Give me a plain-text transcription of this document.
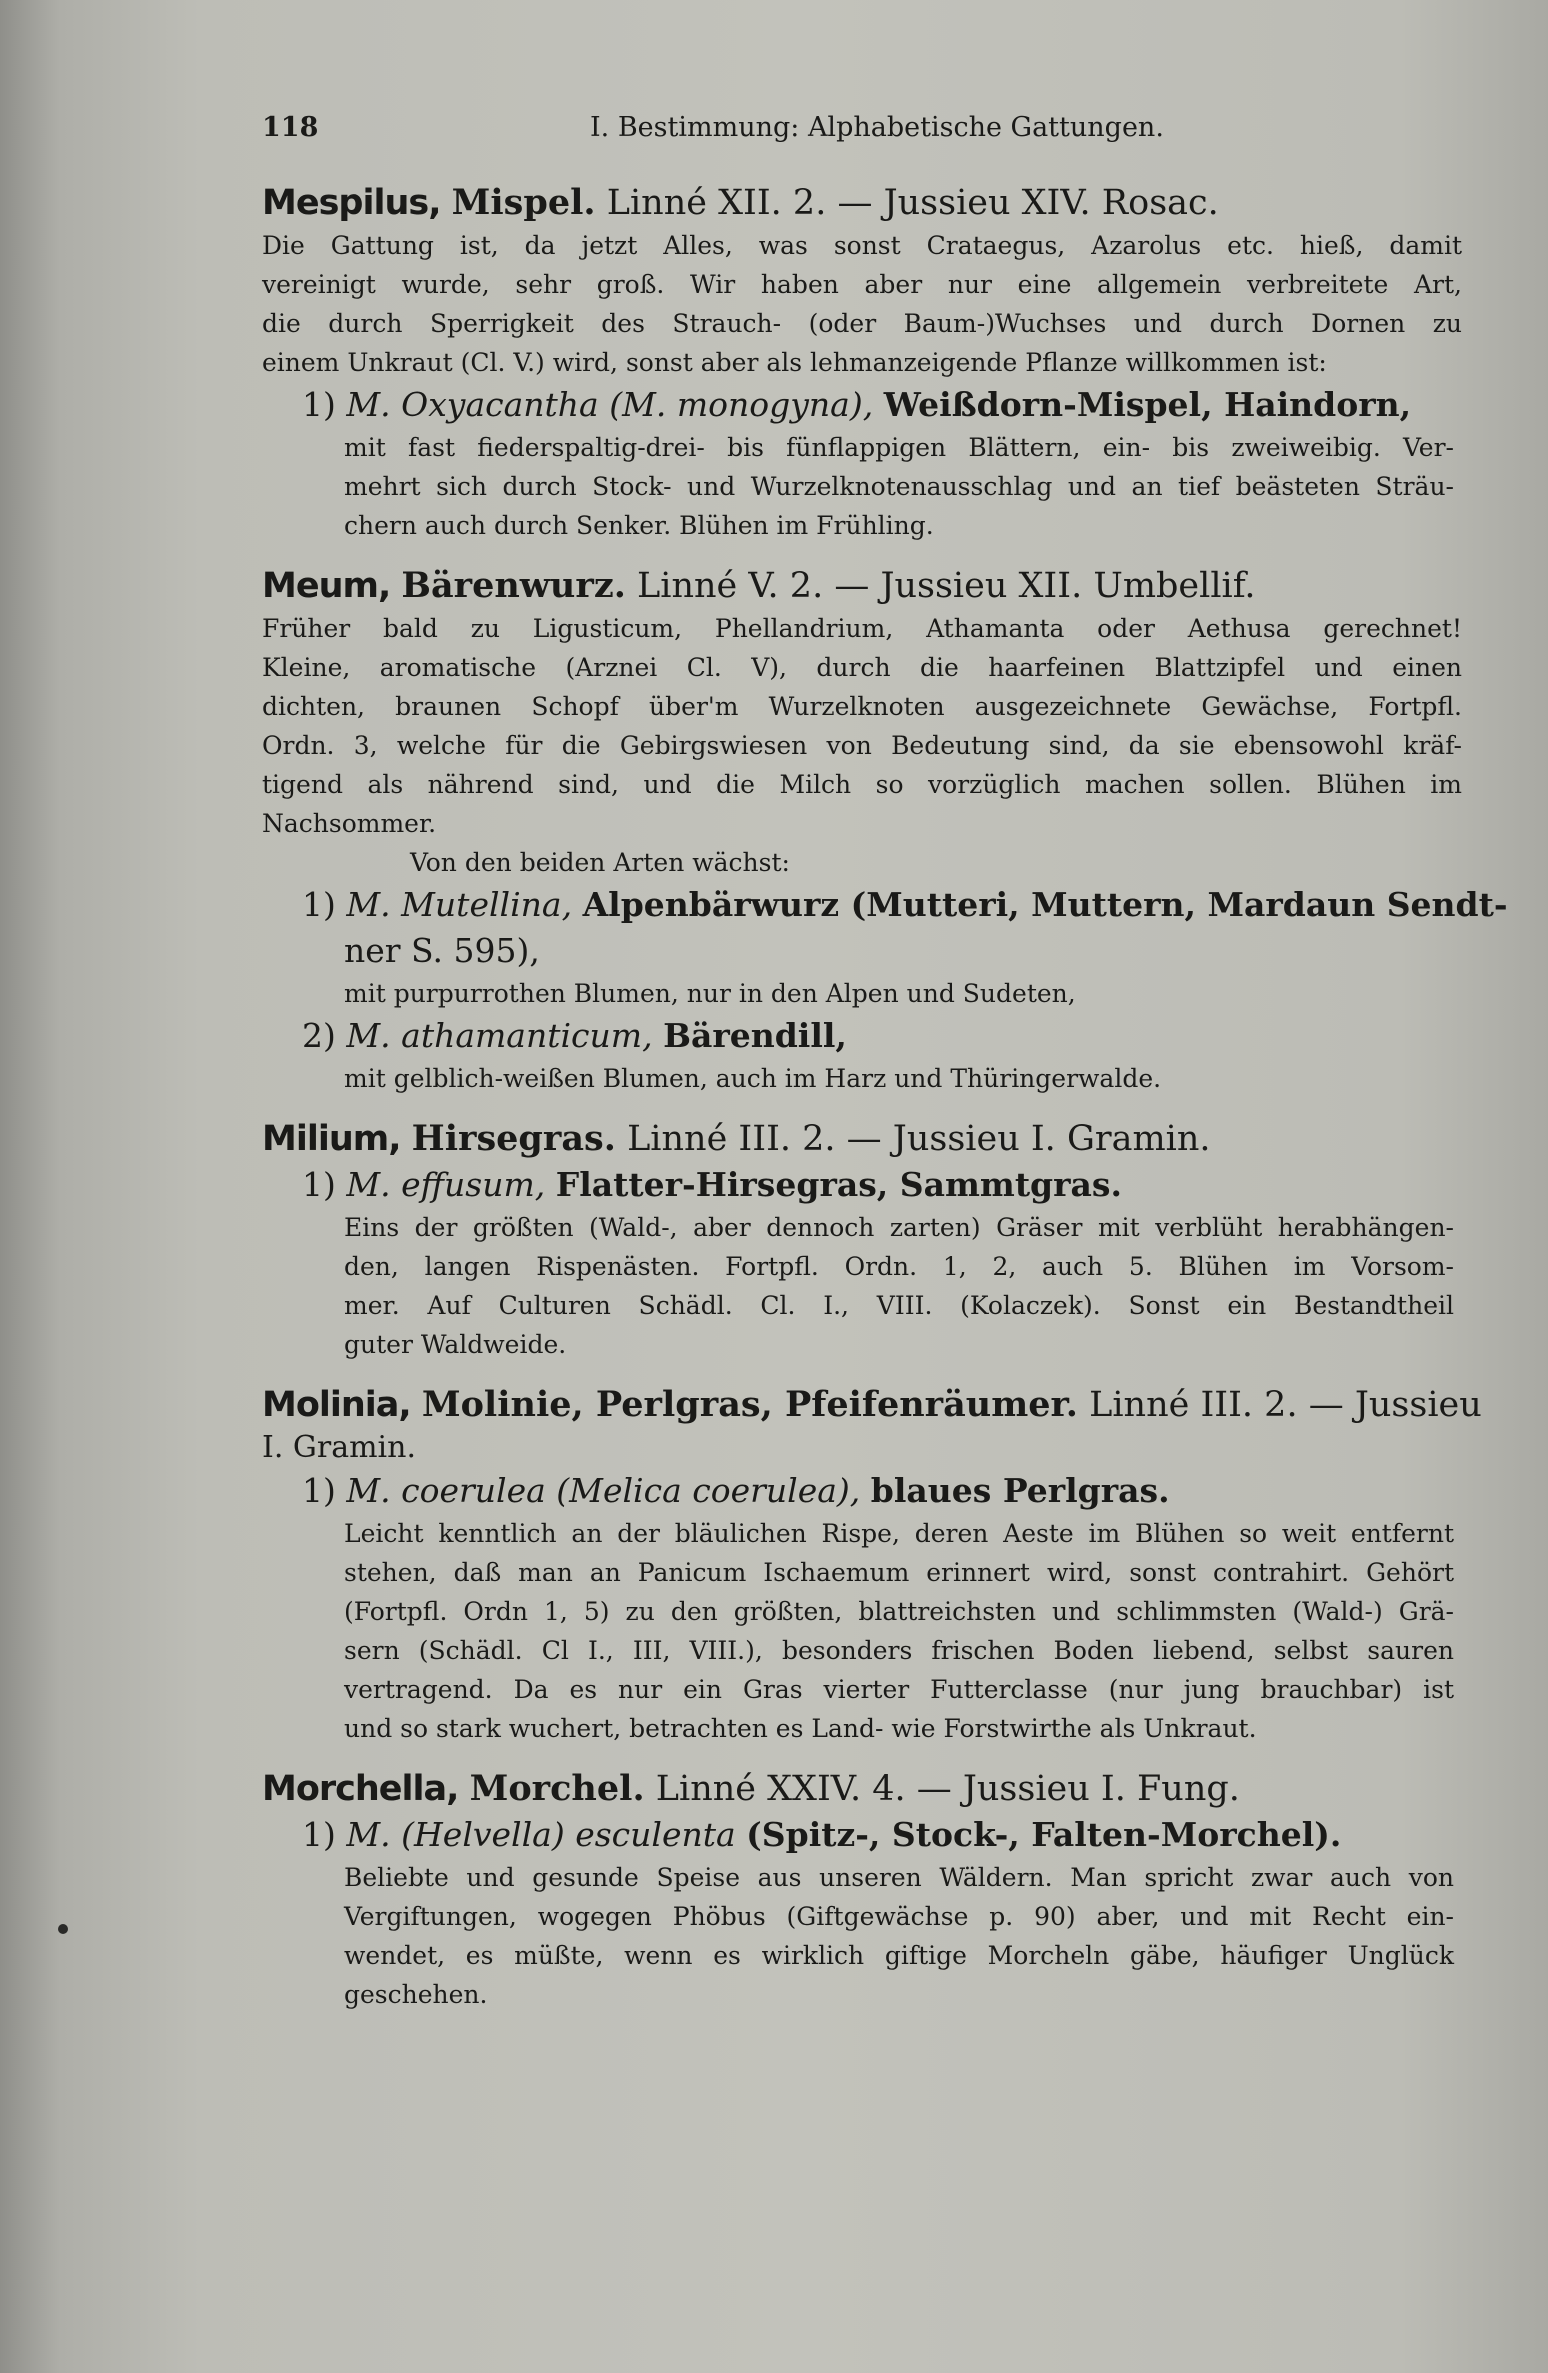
118	I. Bestimmung: Alphabetische Gattungen.
Mespilus, Mispel. Linné XII. 2. — Jussieu XIV. Rosac.
Die Gattung ist, da jetzt Alles, was sonst Crataegus, Azarolus etc. hieß, damit
vereinigt wurde, sehr groß. Wir haben aber nur eine allgemein verbreitete Art,
die durch Sperrigkeit des Strauch- (oder Baum-)Wuchses und durch Dornen zu
einem Unkraut (Cl. V.) wird, sonst aber als lehmanzeigende Pflanze willkommen ist:
1) M. Oxyacantha (M. monogyna), Weißdorn-Mispel, Haindorn,
mit fast fiederspaltig-drei- bis fünflappigen Blättern, ein- bis zweiweibig. Ver-
mehrt sich durch Stock- und Wurzelknotenausschlag und an tief beästeten Sträu-
chern auch durch Senker. Blühen im Frühling.
Meum, Bärenwurz. Linné V. 2. — Jussieu XII. Umbellif.
Früher bald zu Ligusticum, Phellandrium, Athamanta oder Aethusa gerechnet!
Kleine, aromatische (Arznei Cl. V), durch die haarfeinen Blattzipfel und einen
dichten, braunen Schopf über'm Wurzelknoten ausgezeichnete Gewächse, Fortpfl.
Ordn. 3, welche für die Gebirgswiesen von Bedeutung sind, da sie ebensowohl kräf-
tigend als nährend sind, und die Milch so vorzüglich machen sollen. Blühen im
Nachsommer.
Von den beiden Arten wächst:
1) M. Mutellina, Alpenbärwurz (Mutteri, Muttern, Mardaun Sendt-
ner S. 595),
mit purpurrothen Blumen, nur in den Alpen und Sudeten,
2) M. athamanticum, Bärendill,
mit gelblich-weißen Blumen, auch im Harz und Thüringerwalde.
Milium, Hirsegras. Linné III. 2. — Jussieu I. Gramin.
1) M. effusum, Flatter-Hirsegras, Sammtgras.
Eins der größten (Wald-, aber dennoch zarten) Gräser mit verblüht herabhängen-
den, langen Rispenästen. Fortpfl. Ordn. 1, 2, auch 5. Blühen im Vorsom-
mer. Auf Culturen Schädl. Cl. I., VIII. (Kolaczek). Sonst ein Bestandtheil
guter Waldweide.
Molinia, Molinie, Perlgras, Pfeifenräumer. Linné III. 2. — Jussieu
I. Gramin.
1) M. coerulea (Melica coerulea), blaues Perlgras.
Leicht kenntlich an der bläulichen Rispe, deren Aeste im Blühen so weit entfernt
stehen, daß man an Panicum Ischaemum erinnert wird, sonst contrahirt. Gehört
(Fortpfl. Ordn 1, 5) zu den größten, blattreichsten und schlimmsten (Wald-) Grä-
sern (Schädl. Cl I., III, VIII.), besonders frischen Boden liebend, selbst sauren
vertragend. Da es nur ein Gras vierter Futterclasse (nur jung brauchbar) ist
und so stark wuchert, betrachten es Land- wie Forstwirthe als Unkraut.
Morchella, Morchel. Linné XXIV. 4. — Jussieu I. Fung.
1) M. (Helvella) esculenta (Spitz-, Stock-, Falten-Morchel).
Beliebte und gesunde Speise aus unseren Wäldern. Man spricht zwar auch von
Vergiftungen, wogegen Phöbus (Giftgewächse p. 90) aber, und mit Recht ein-
wendet, es müßte, wenn es wirklich giftige Morcheln gäbe, häufiger Unglück
geschehen.
